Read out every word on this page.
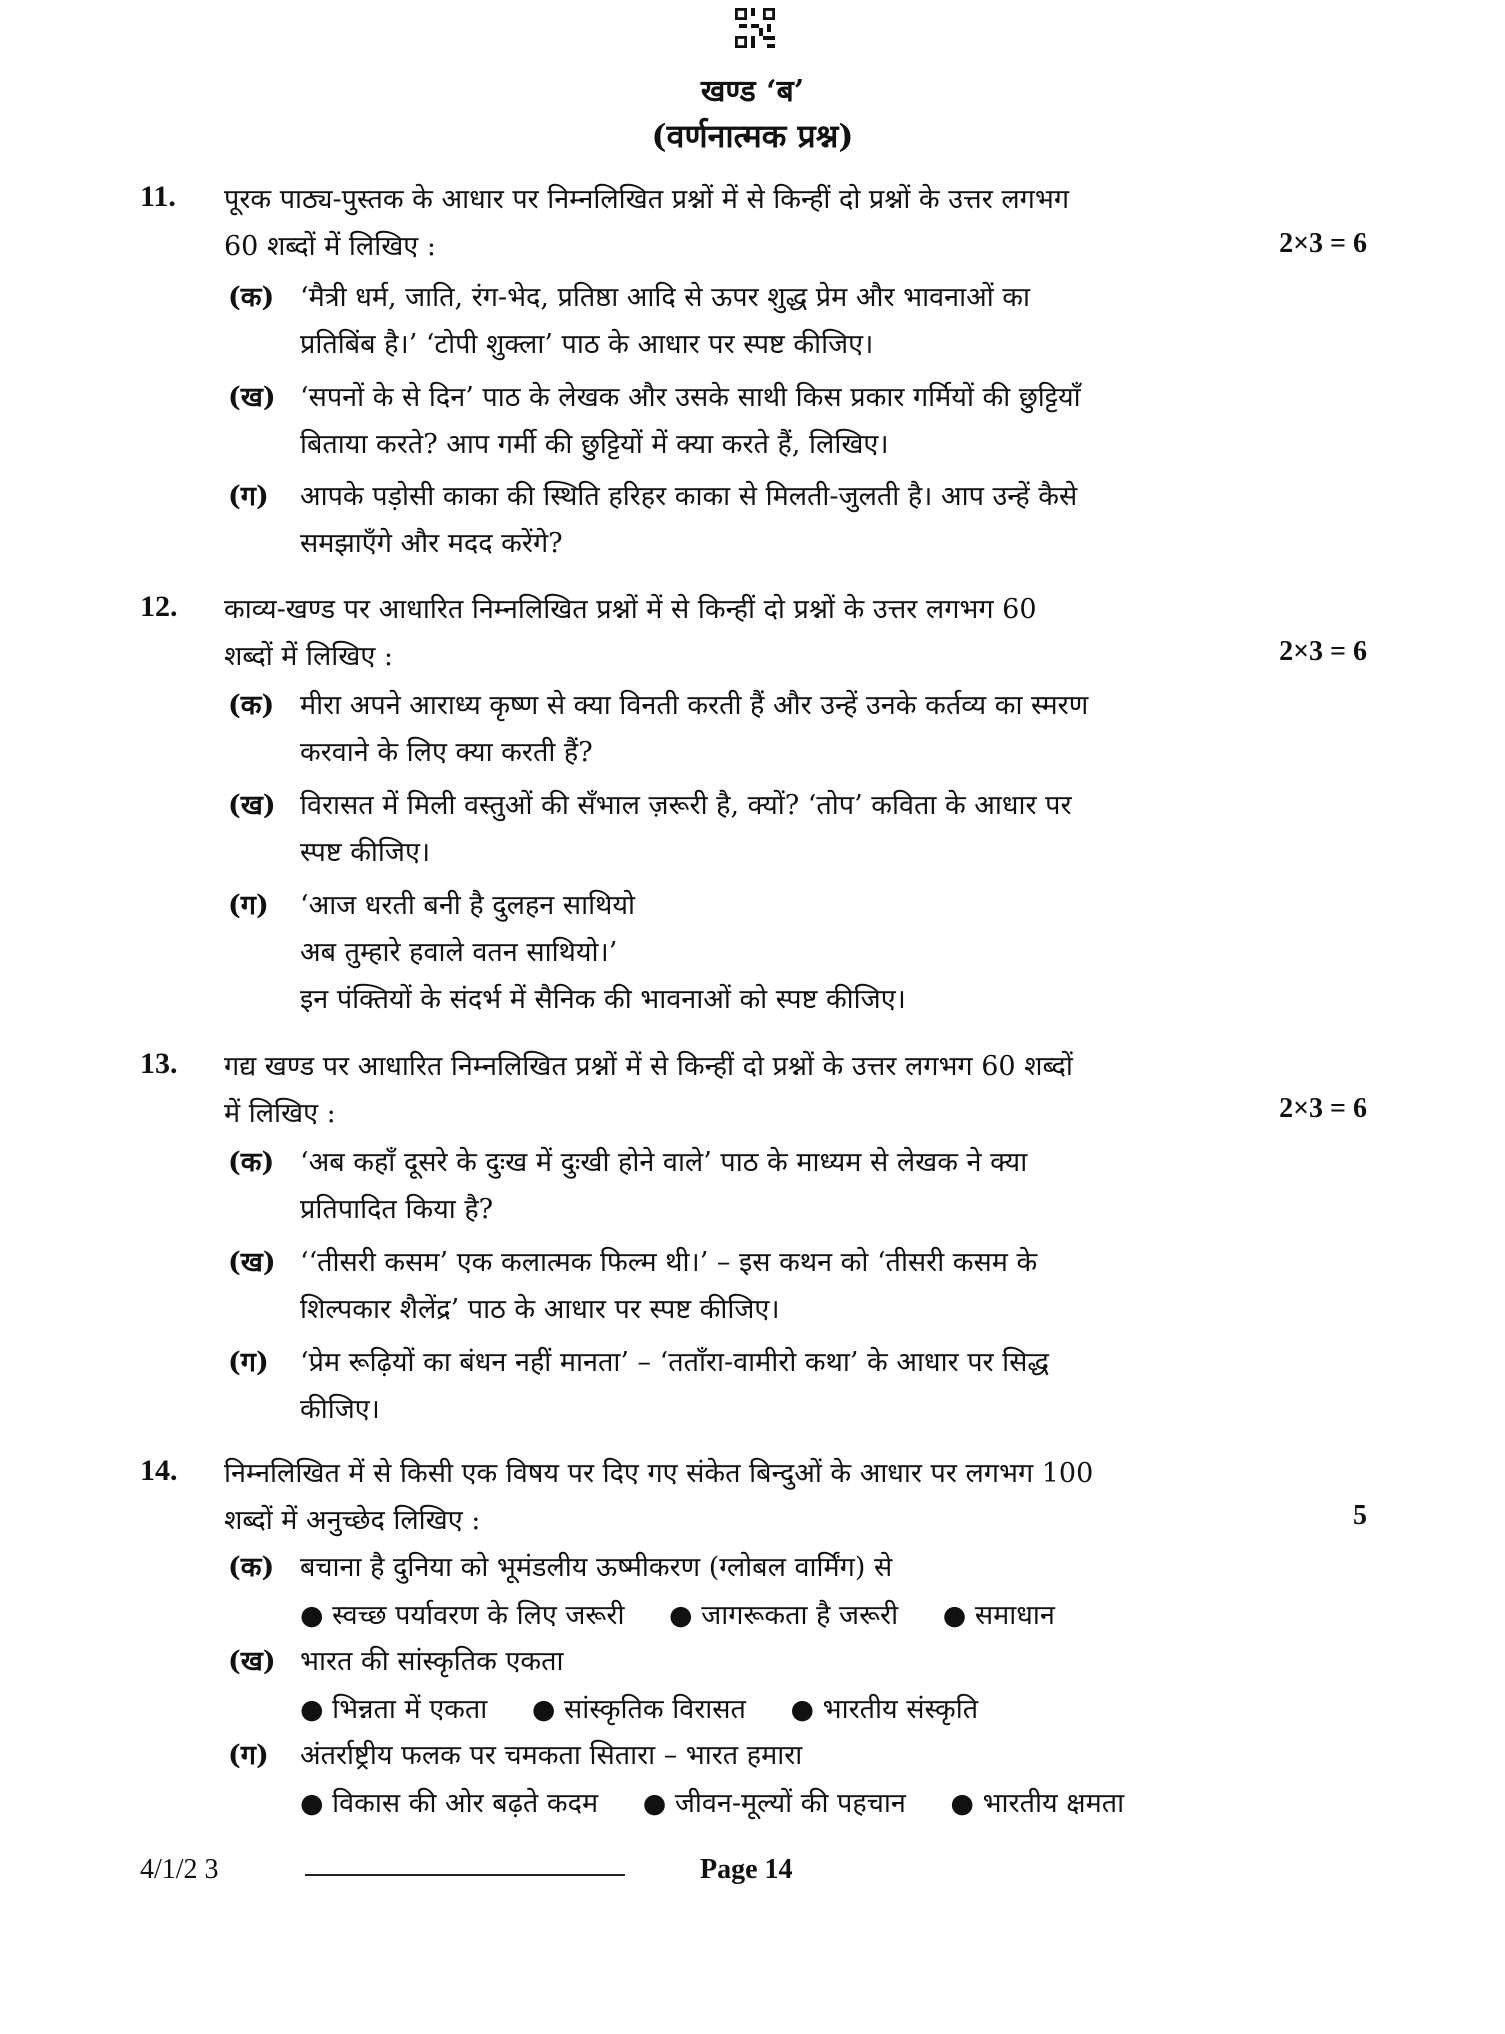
खण्ड ‘ब’
(वर्णनात्मक प्रश्न)
11. पूरक पाठ्य-पुस्तक के आधार पर निम्नलिखित प्रश्नों में से किन्हीं दो प्रश्नों के उत्तर लगभग
60 शब्दों में लिखिए :	2×3 = 6
(क) ‘मैत्री धर्म, जाति, रंग-भेद, प्रतिष्ठा आदि से ऊपर शुद्ध प्रेम और भावनाओं का
प्रतिबिंब है।’ ‘टोपी शुक्ला’ पाठ के आधार पर स्पष्ट कीजिए।
(ख) ‘सपनों के से दिन’ पाठ के लेखक और उसके साथी किस प्रकार गर्मियों की छुट्टियाँ
बिताया करते? आप गर्मी की छुट्टियों में क्या करते हैं, लिखिए।
(ग) आपके पड़ोसी काका की स्थिति हरिहर काका से मिलती-जुलती है। आप उन्हें कैसे
समझाएँगे और मदद करेंगे?
12. काव्य-खण्ड पर आधारित निम्नलिखित प्रश्नों में से किन्हीं दो प्रश्नों के उत्तर लगभग 60
शब्दों में लिखिए :	2×3 = 6
(क) मीरा अपने आराध्य कृष्ण से क्या विनती करती हैं और उन्हें उनके कर्तव्य का स्मरण
करवाने के लिए क्या करती हैं?
(ख) विरासत में मिली वस्तुओं की सँभाल ज़रूरी है, क्यों? ‘तोप’ कविता के आधार पर
स्पष्ट कीजिए।
(ग) ‘आज धरती बनी है दुलहन साथियो
अब तुम्हारे हवाले वतन साथियो।’
इन पंक्तियों के संदर्भ में सैनिक की भावनाओं को स्पष्ट कीजिए।
13. गद्य खण्ड पर आधारित निम्नलिखित प्रश्नों में से किन्हीं दो प्रश्नों के उत्तर लगभग 60 शब्दों
में लिखिए :	2×3 = 6
(क) ‘अब कहाँ दूसरे के दुःख में दुःखी होने वाले’ पाठ के माध्यम से लेखक ने क्या
प्रतिपादित किया है?
(ख) ‘‘तीसरी कसम’ एक कलात्मक फिल्म थी।’ – इस कथन को ‘तीसरी कसम के
शिल्पकार शैलेंद्र’ पाठ के आधार पर स्पष्ट कीजिए।
(ग) ‘प्रेम रूढ़ियों का बंधन नहीं मानता’ – ‘तताँरा-वामीरो कथा’ के आधार पर सिद्ध
कीजिए।
14. निम्नलिखित में से किसी एक विषय पर दिए गए संकेत बिन्दुओं के आधार पर लगभग 100
शब्दों में अनुच्छेद लिखिए :	5
(क) बचाना है दुनिया को भूमंडलीय ऊष्मीकरण (ग्लोबल वार्मिंग) से
● स्वच्छ पर्यावरण के लिए जरूरी ● जागरूकता है जरूरी ● समाधान
(ख) भारत की सांस्कृतिक एकता
● भिन्नता में एकता ● सांस्कृतिक विरासत ● भारतीय संस्कृति
(ग) अंतर्राष्ट्रीय फलक पर चमकता सितारा – भारत हमारा
● विकास की ओर बढ़ते कदम ● जीवन-मूल्यों की पहचान ● भारतीय क्षमता
4/1/2 3	Page 14
